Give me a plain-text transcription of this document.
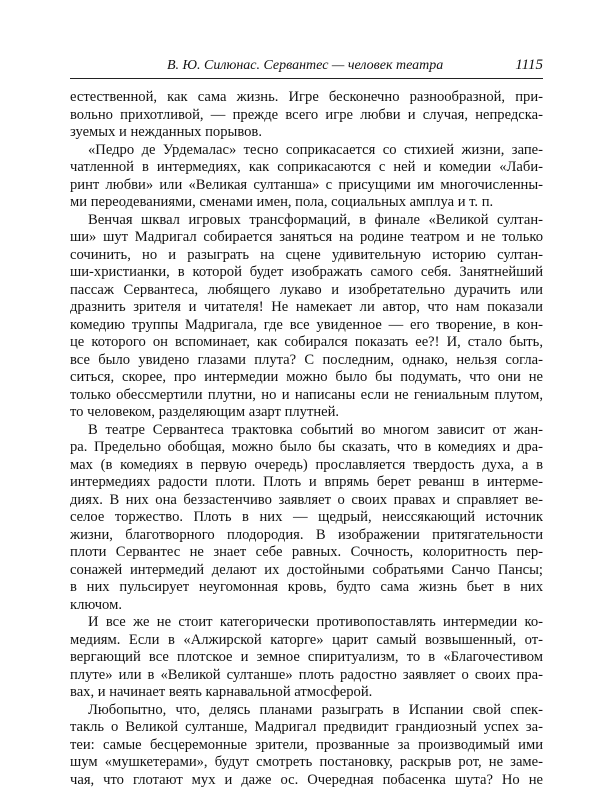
В. Ю. Силюнас. Сервантес — человек театра	1115
естественной, как сама жизнь. Игре бесконечно разнообразной, при-
вольно прихотливой, — прежде всего игре любви и случая, непредска-
зуемых и нежданных порывов.
«Педро де Урдемалас» тесно соприкасается со стихией жизни, запе-
чатленной в интермедиях, как соприкасаются с ней и комедии «Лаби-
ринт любви» или «Великая султанша» с присущими им многочисленны-
ми переодеваниями, сменами имен, пола, социальных амплуа и т. п.
Венчая шквал игровых трансформаций, в финале «Великой султан-
ши» шут Мадригал собирается заняться на родине театром и не только
сочинить, но и разыграть на сцене удивительную историю султан-
ши-христианки, в которой будет изображать самого себя. Занятнейший
пассаж Сервантеса, любящего лукаво и изобретательно дурачить или
дразнить зрителя и читателя! Не намекает ли автор, что нам показали
комедию труппы Мадригала, где все увиденное — его творение, в кон-
це которого он вспоминает, как собирался показать ее?! И, стало быть,
все было увидено глазами плута? С последним, однако, нельзя согла-
ситься, скорее, про интермедии можно было бы подумать, что они не
только обессмертили плутни, но и написаны если не гениальным плутом,
то человеком, разделяющим азарт плутней.
В театре Сервантеса трактовка событий во многом зависит от жан-
ра. Предельно обобщая, можно было бы сказать, что в комедиях и дра-
мах (в комедиях в первую очередь) прославляется твердость духа, а в
интермедиях радости плоти. Плоть и впрямь берет реванш в интерме-
диях. В них она беззастенчиво заявляет о своих правах и справляет ве-
селое торжество. Плоть в них — щедрый, неиссякающий источник
жизни, благотворного плодородия. В изображении притягательности
плоти Сервантес не знает себе равных. Сочность, колоритность пер-
сонажей интермедий делают их достойными собратьями Санчо Пансы;
в них пульсирует неугомонная кровь, будто сама жизнь бьет в них
ключом.
И все же не стоит категорически противопоставлять интермедии ко-
медиям. Если в «Алжирской каторге» царит самый возвышенный, от-
вергающий все плотское и земное спиритуализм, то в «Благочестивом
плуте» или в «Великой султанше» плоть радостно заявляет о своих пра-
вах, и начинает веять карнавальной атмосферой.
Любопытно, что, делясь планами разыграть в Испании свой спек-
такль о Великой султанше, Мадригал предвидит грандиозный успех за-
теи: самые бесцеремонные зрители, прозванные за производимый ими
шум «мушкетерами», будут смотреть постановку, раскрыв рот, не заме-
чая, что глотают мух и даже ос. Очередная побасенка шута? Но не
